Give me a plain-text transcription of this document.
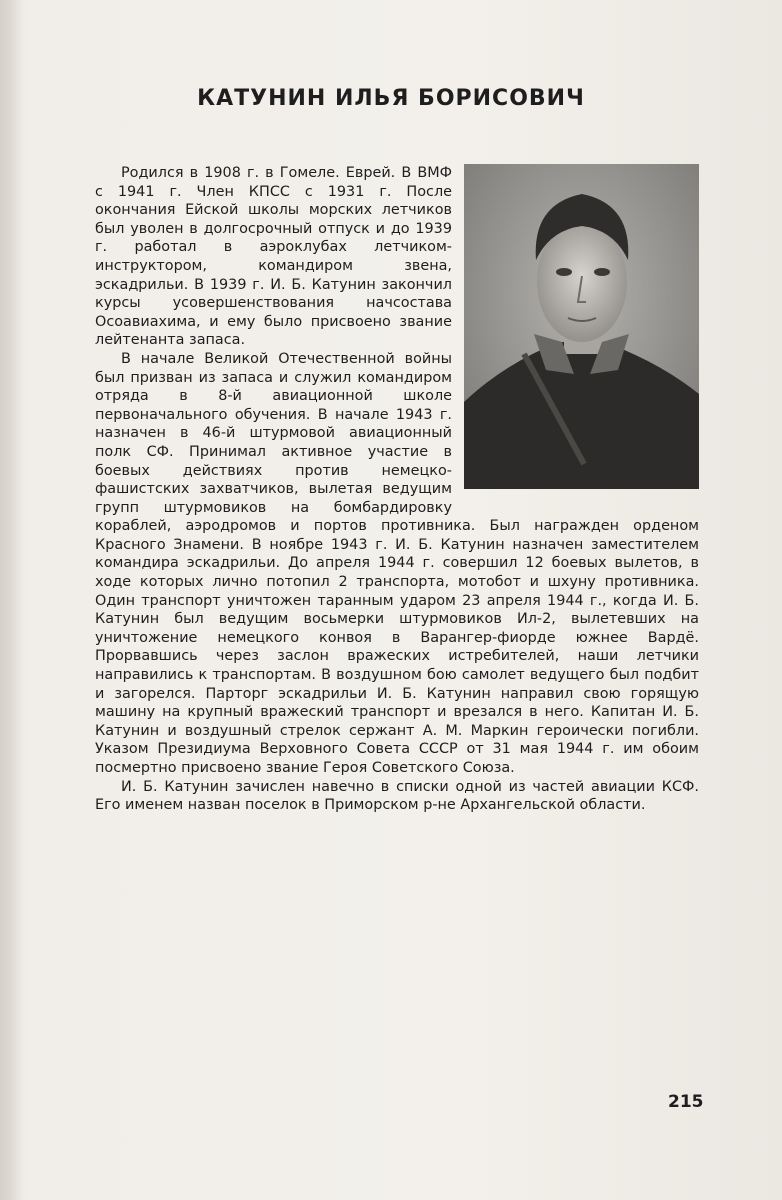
КАТУНИН ИЛЬЯ БОРИСОВИЧ

Родился в 1908 г. в Гомеле. Еврей. В ВМФ с 1941 г. Член КПСС с 1931 г. После окончания Ейской школы морских летчиков был уволен в долгосрочный отпуск и до 1939 г. работал в аэроклубах летчиком-инструктором, командиром звена, эскадрильи. В 1939 г. И. Б. Катунин закончил курсы усовершенствования начсостава Осоавиахима, и ему было присвоено звание лейтенанта запаса.

В начале Великой Отечественной войны был призван из запаса и служил командиром отряда в 8-й авиационной школе первоначального обучения. В начале 1943 г. назначен в 46-й штурмовой авиационный полк СФ. Принимал активное участие в боевых действиях против немецко-фашистских захватчиков, вылетая ведущим групп штурмовиков на бомбардировку кораблей, аэродромов и портов противника. Был награжден орденом Красного Знамени. В ноябре 1943 г. И. Б. Катунин назначен заместителем командира эскадрильи. До апреля 1944 г. совершил 12 боевых вылетов, в ходе которых лично потопил 2 транспорта, мотобот и шхуну противника. Один транспорт уничтожен таранным ударом 23 апреля 1944 г., когда И. Б. Катунин был ведущим восьмерки штурмовиков Ил-2, вылетевших на уничтожение немецкого конвоя в Варангер-фиорде южнее Вардё. Прорвавшись через заслон вражеских истребителей, наши летчики направились к транспортам. В воздушном бою самолет ведущего был подбит и загорелся. Парторг эскадрильи И. Б. Катунин направил свою горящую машину на крупный вражеский транспорт и врезался в него. Капитан И. Б. Катунин и воздушный стрелок сержант А. М. Маркин героически погибли. Указом Президиума Верховного Совета СССР от 31 мая 1944 г. им обоим посмертно присвоено звание Героя Советского Союза.

И. Б. Катунин зачислен навечно в списки одной из частей авиации КСФ. Его именем назван поселок в Приморском р-не Архангельской области.

215
